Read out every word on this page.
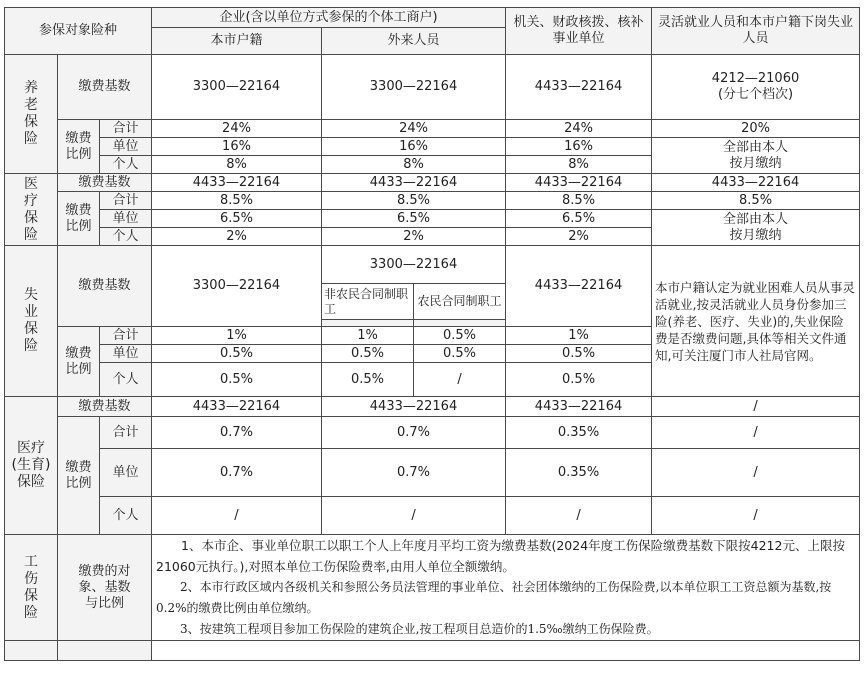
参保对象险种			企业(含以单位方式参保的个体工商户)			机关、财政核拨、核补事业单位	灵活就业人员和本市户籍下岗失业人员
			本市户籍	外来人员			
养老保险	缴费基数		3300—22164	3300—22164		4433—22164	4212—21060
(分七个档次)
	缴费比例	合计	24%	24%		24%	20%
		单位	16%	16%		16%	全部由本人
按月缴纳
		个人	8%	8%		8%	
医疗保险	缴费基数		4433—22164	4433—22164		4433—22164	4433—22164
	缴费比例	合计	8.5%	8.5%		8.5%	8.5%
		单位	6.5%	6.5%		6.5%	全部由本人
按月缴纳
		个人	2%	2%		2%	
失业保险	缴费基数		3300—22164	3300—22164		4433—22164	本市户籍认定为就业困难人员从事灵活就业,按灵活就业人员身份参加三险(养老、医疗、失业)的,失业保险费是否缴费问题,具体等相关文件通知,可关注厦门市人社局官网。
				非农民合同制职工	农民合同制职工		

	缴费比例	合计	1%	1%	0.5%	1%	
		单位	0.5%	0.5%	0.5%	0.5%	
		个人	0.5%	0.5%	/	0.5%	
医疗(生育)保险	缴费基数		4433—22164	4433—22164		4433—22164	/
	缴费比例	合计	0.7%	0.7%		0.35%	/
		单位	0.7%	0.7%		0.35%	/
		个人	/	/		/	/
工伤保险	缴费的对象、基数与比例		1、本市企、事业单位职工以职工个人上年度月平均工资为缴费基数(2024年度工伤保险缴费基数下限按4212元、上限按21060元执行。),对照本单位工伤保险费率,由用人单位全额缴纳。

2、本市行政区域内各级机关和参照公务员法管理的事业单位、社会团体缴纳的工伤保险费,以本单位职工工资总额为基数,按0.2%的缴费比例由单位缴纳。

3、按建筑工程项目参加工伤保险的建筑企业,按工程项目总造价的1.5‰缴纳工伤保险费。				
